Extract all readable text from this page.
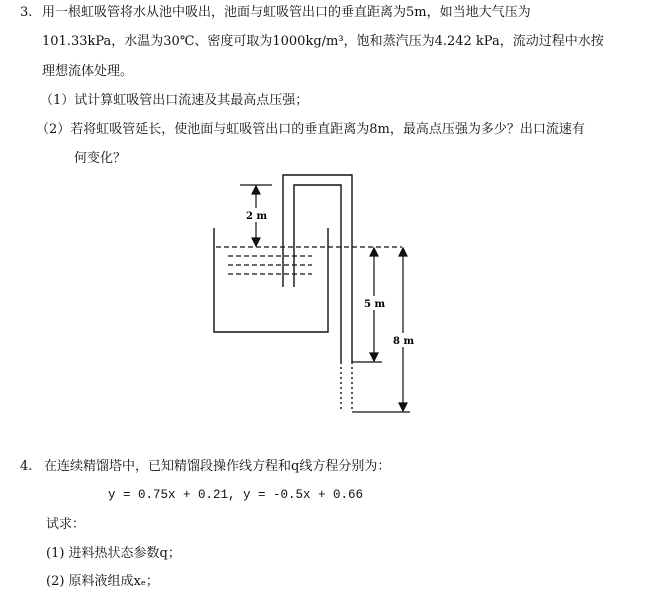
3. 用一根虹吸管将水从池中吸出，池面与虹吸管出口的垂直距离为5m，如当地大气压为
101.33kPa，水温为30℃、密度可取为1000kg/m³，饱和蒸汽压为4.242 kPa，流动过程中水按
理想流体处理。
（1）试计算虹吸管出口流速及其最高点压强；
（2）若将虹吸管延长，使池面与虹吸管出口的垂直距离为8m，最高点压强为多少？出口流速有
何变化？
2 m
5 m
8 m
4. 在连续精馏塔中，已知精馏段操作线方程和q线方程分别为：
y = 0.75x + 0.21, y = -0.5x + 0.66
试求：
(1) 进料热状态参数q；
(2) 原料液组成xₑ；
